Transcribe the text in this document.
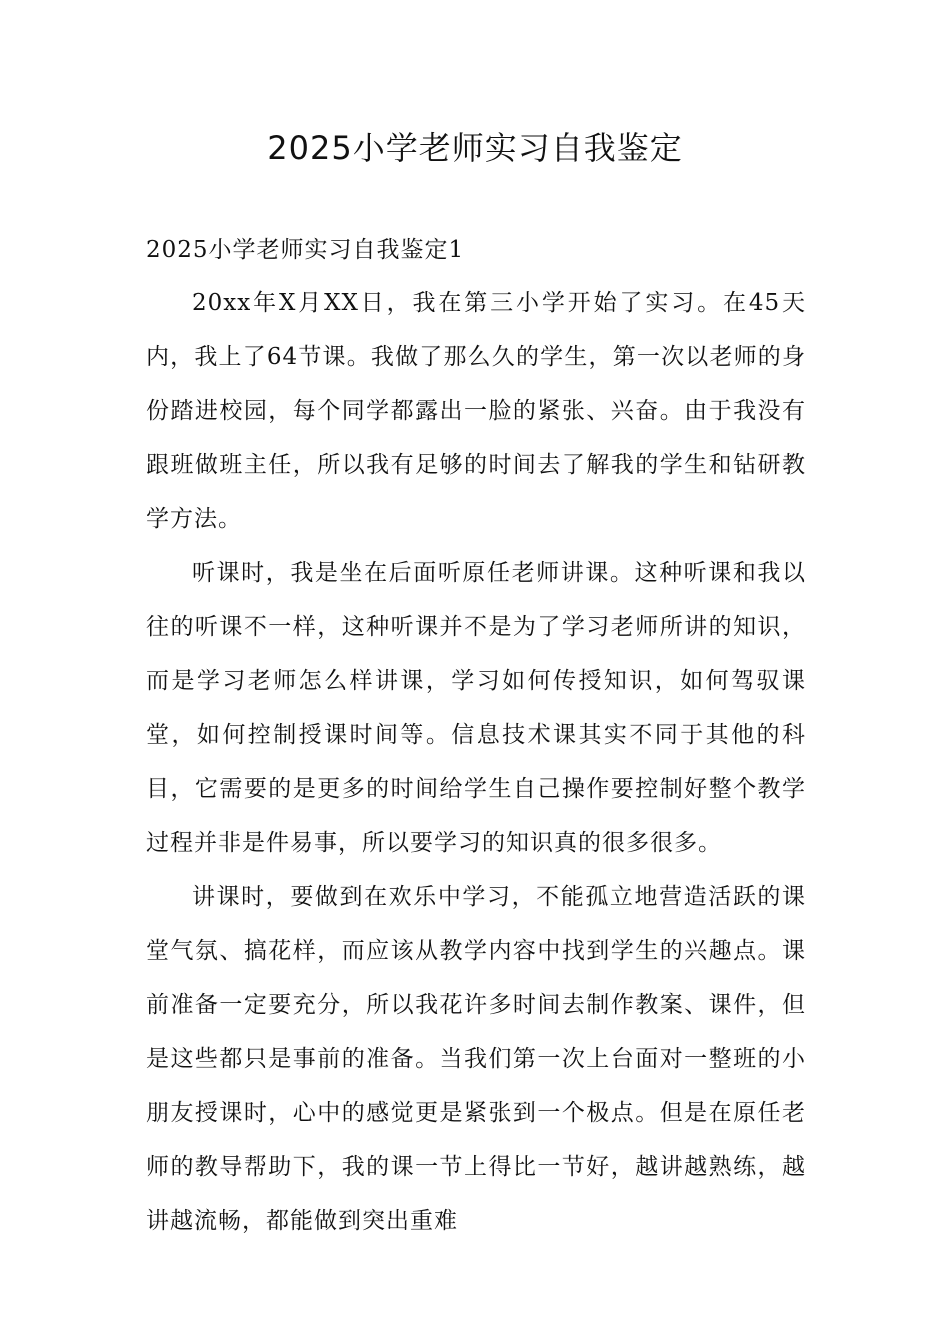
2025小学老师实习自我鉴定

2025小学老师实习自我鉴定1

20xx年X月XX日，我在第三小学开始了实习。在45天内，我上了64节课。我做了那么久的学生，第一次以老师的身份踏进校园，每个同学都露出一脸的紧张、兴奋。由于我没有跟班做班主任，所以我有足够的时间去了解我的学生和钻研教学方法。

听课时，我是坐在后面听原任老师讲课。这种听课和我以往的听课不一样，这种听课并不是为了学习老师所讲的知识，而是学习老师怎么样讲课，学习如何传授知识，如何驾驭课堂，如何控制授课时间等。信息技术课其实不同于其他的科目，它需要的是更多的时间给学生自己操作要控制好整个教学过程并非是件易事，所以要学习的知识真的很多很多。

讲课时，要做到在欢乐中学习，不能孤立地营造活跃的课堂气氛、搞花样，而应该从教学内容中找到学生的兴趣点。课前准备一定要充分，所以我花许多时间去制作教案、课件，但是这些都只是事前的准备。当我们第一次上台面对一整班的小朋友授课时，心中的感觉更是紧张到一个极点。但是在原任老师的教导帮助下，我的课一节上得比一节好，越讲越熟练，越讲越流畅，都能做到突出重难
